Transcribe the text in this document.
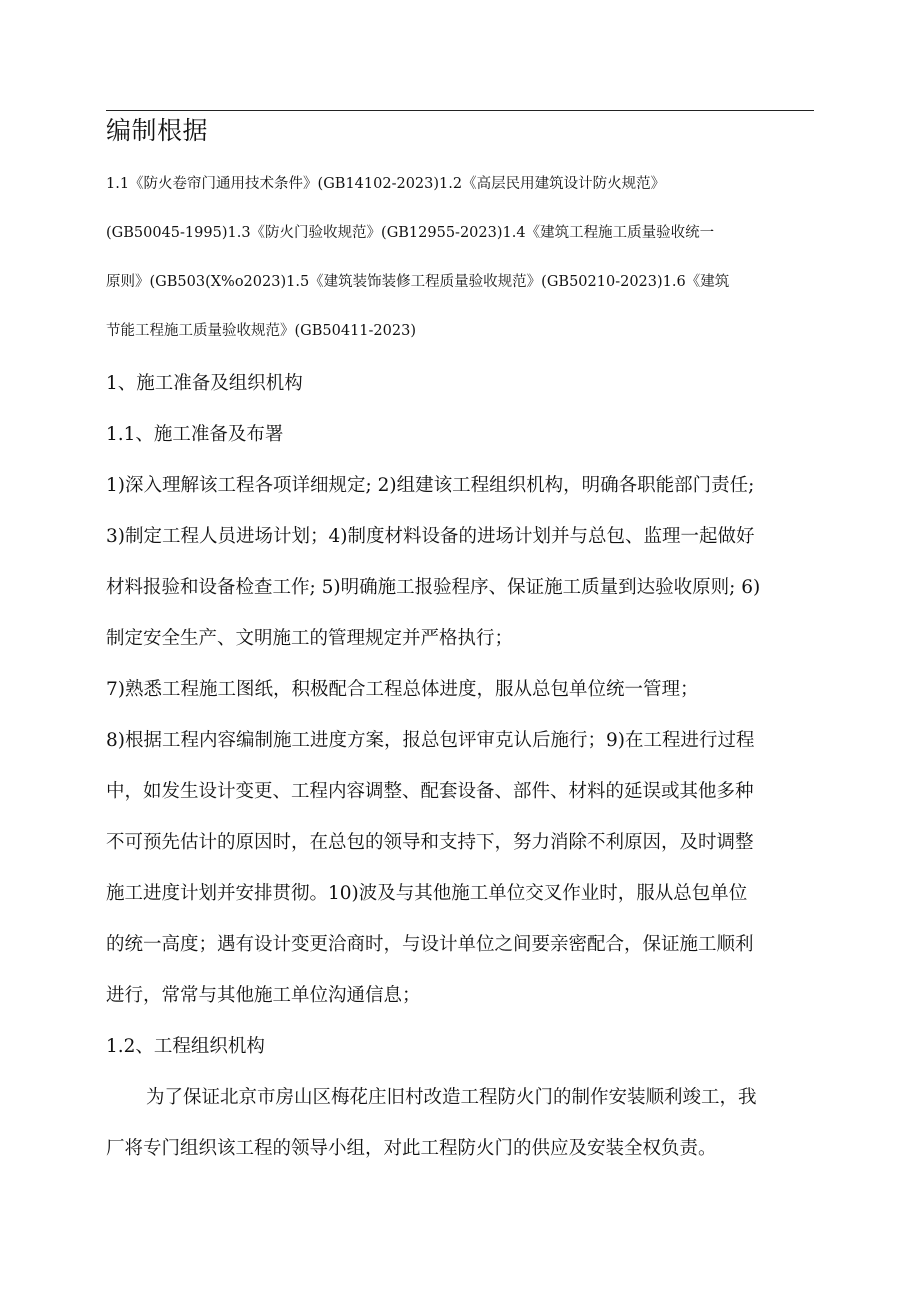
编制根据
1.1《防火卷帘门通用技术条件》(GB14102-2023)1.2《高层民用建筑设计防火规范》
(GB50045-1995)1.3《防火门验收规范》(GB12955-2023)1.4《建筑工程施工质量验收统一
原则》(GB503(X%o2023)1.5《建筑装饰装修工程质量验收规范》(GB50210-2023)1.6《建筑
节能工程施工质量验收规范》(GB50411-2023)
1、施工准备及组织机构
1.1、施工准备及布署
1)深入理解该工程各项详细规定; 2)组建该工程组织机构，明确各职能部门责任;
3)制定工程人员进场计划；4)制度材料设备的进场计划并与总包、监理一起做好
材料报验和设备检查工作; 5)明确施工报验程序、保证施工质量到达验收原则; 6)
制定安全生产、文明施工的管理规定并严格执行；
7)熟悉工程施工图纸，积极配合工程总体进度，服从总包单位统一管理；
8)根据工程内容编制施工进度方案，报总包评审克认后施行；9)在工程进行过程
中，如发生设计变更、工程内容调整、配套设备、部件、材料的延误或其他多种
不可预先估计的原因时，在总包的领导和支持下，努力消除不利原因，及时调整
施工进度计划并安排贯彻。10)波及与其他施工单位交叉作业时，服从总包单位
的统一高度；遇有设计变更洽商时，与设计单位之间要亲密配合，保证施工顺利
进行，常常与其他施工单位沟通信息；
1.2、工程组织机构
为了保证北京市房山区梅花庄旧村改造工程防火门的制作安装顺利竣工，我
厂将专门组织该工程的领导小组，对此工程防火门的供应及安装全权负责。
